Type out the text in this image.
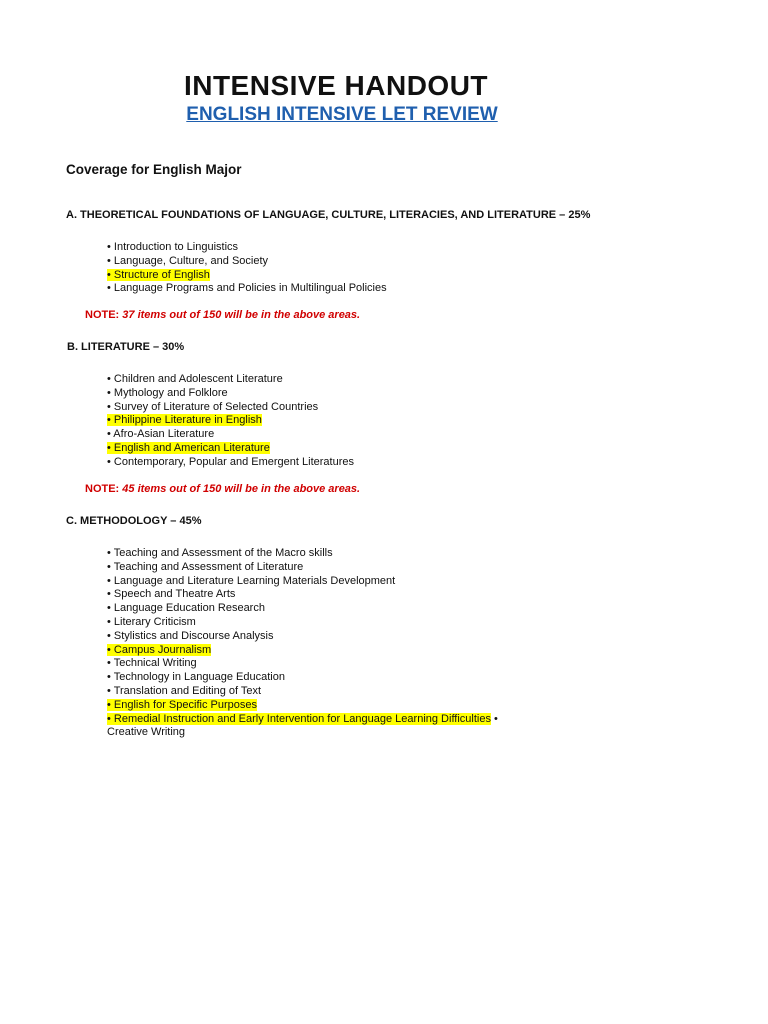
INTENSIVE HANDOUT
ENGLISH INTENSIVE LET REVIEW
Coverage for English Major
A. THEORETICAL FOUNDATIONS OF LANGUAGE, CULTURE, LITERACIES, AND LITERATURE – 25%
• Introduction to Linguistics
• Language, Culture, and Society
• Structure of English
• Language Programs and Policies in Multilingual Policies
NOTE: 37 items out of 150 will be in the above areas.
B. LITERATURE – 30%
• Children and Adolescent Literature
• Mythology and Folklore
• Survey of Literature of Selected Countries
• Philippine Literature in English
• Afro-Asian Literature
• English and American Literature
• Contemporary, Popular and Emergent Literatures
NOTE: 45 items out of 150 will be in the above areas.
C. METHODOLOGY – 45%
• Teaching and Assessment of the Macro skills
• Teaching and Assessment of Literature
• Language and Literature Learning Materials Development
• Speech and Theatre Arts
• Language Education Research
• Literary Criticism
• Stylistics and Discourse Analysis
• Campus Journalism
• Technical Writing
• Technology in Language Education
• Translation and Editing of Text
• English for Specific Purposes
• Remedial Instruction and Early Intervention for Language Learning Difficulties •
Creative Writing
